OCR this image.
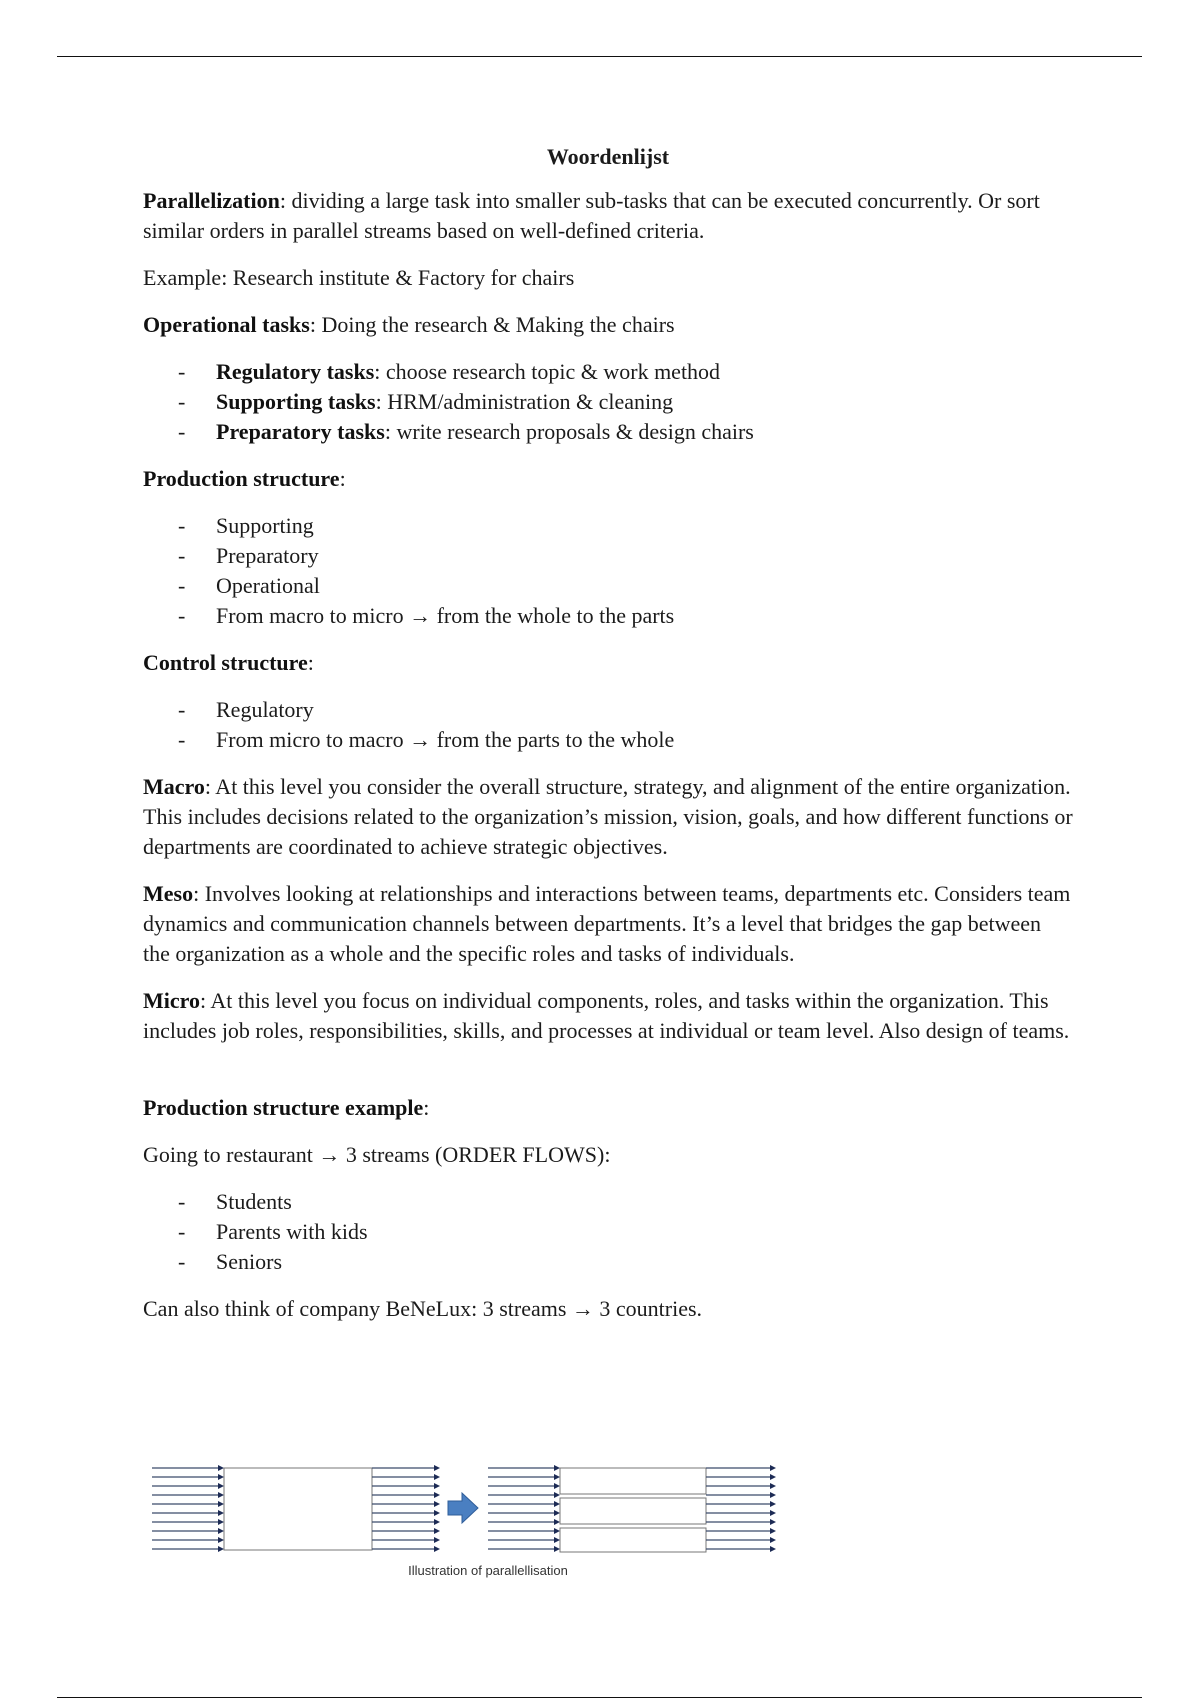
Woordenlijst

Parallelization: dividing a large task into smaller sub-tasks that can be executed concurrently. Or sort similar orders in parallel streams based on well-defined criteria.

Example: Research institute & Factory for chairs

Operational tasks: Doing the research & Making the chairs

- Regulatory tasks: choose research topic & work method
- Supporting tasks: HRM/administration & cleaning
- Preparatory tasks: write research proposals & design chairs

Production structure:

- Supporting
- Preparatory
- Operational
- From macro to micro → from the whole to the parts

Control structure:

- Regulatory
- From micro to macro → from the parts to the whole

Macro: At this level you consider the overall structure, strategy, and alignment of the entire organization. This includes decisions related to the organization’s mission, vision, goals, and how different functions or departments are coordinated to achieve strategic objectives.

Meso: Involves looking at relationships and interactions between teams, departments etc. Considers team dynamics and communication channels between departments. It’s a level that bridges the gap between the organization as a whole and the specific roles and tasks of individuals.

Micro: At this level you focus on individual components, roles, and tasks within the organization. This includes job roles, responsibilities, skills, and processes at individual or team level. Also design of teams.

Production structure example:

Going to restaurant → 3 streams (ORDER FLOWS):

- Students
- Parents with kids
- Seniors

Can also think of company BeNeLux: 3 streams → 3 countries.

Illustration of parallellisation
